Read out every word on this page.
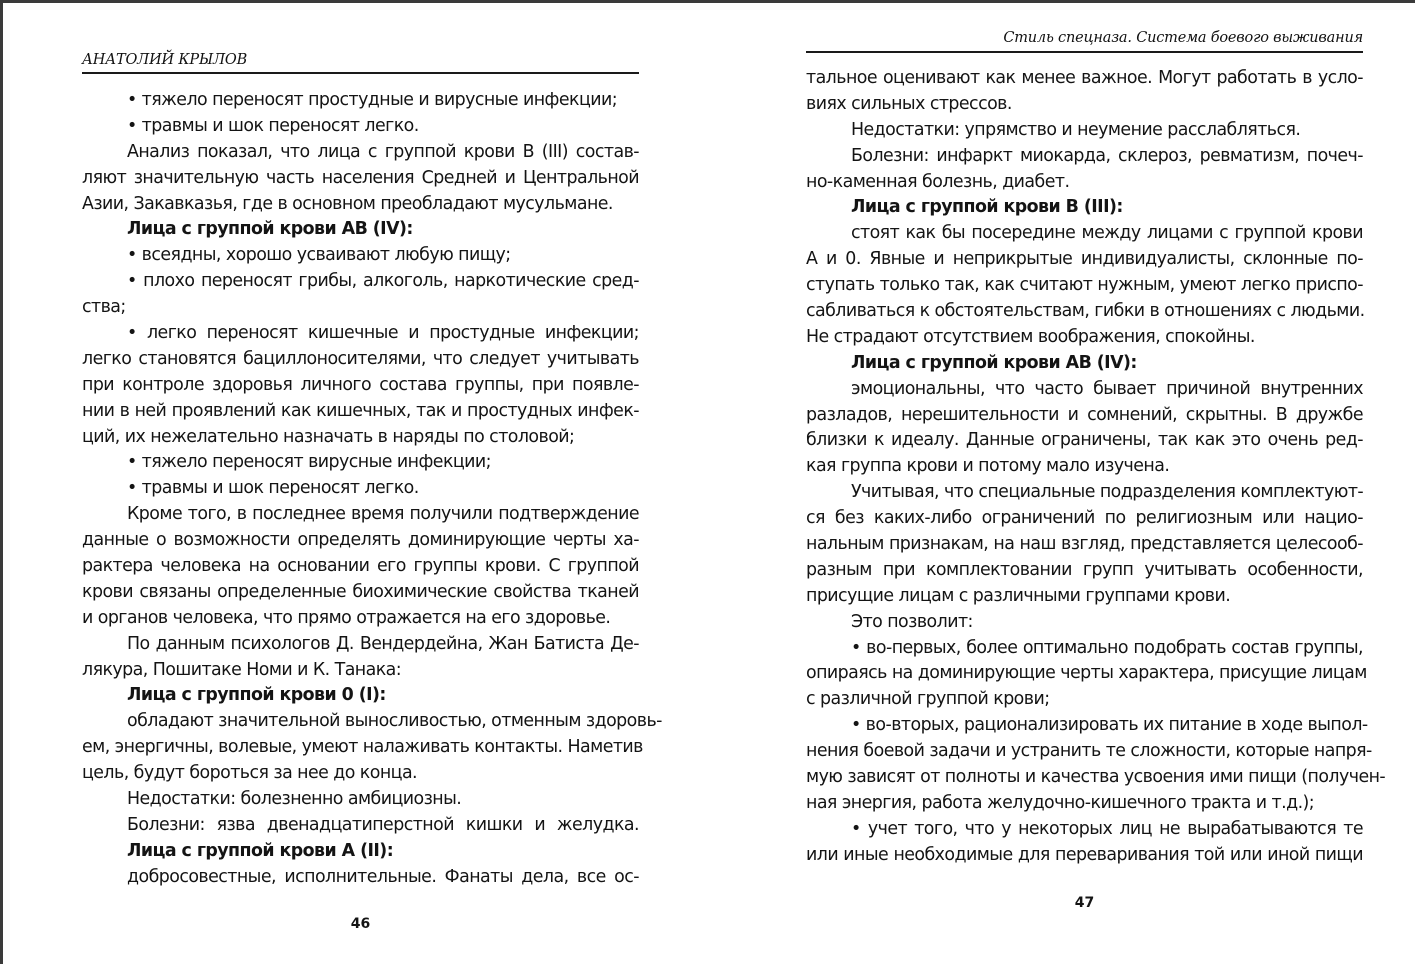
АНАТОЛИЙ КРЫЛОВ
• тяжело переносят простудные и вирусные инфекции;
• травмы и шок переносят легко.
Анализ показал, что лица с группой крови В (III) состав-
ляют значительную часть населения Средней и Центральной
Азии, Закавказья, где в основном преобладают мусульмане.
Лица с группой крови АВ (IV):
• всеядны, хорошо усваивают любую пищу;
• плохо переносят грибы, алкоголь, наркотические сред-
ства;
• легко переносят кишечные и простудные инфекции;
легко становятся бациллоносителями, что следует учитывать
при контроле здоровья личного состава группы, при появле-
нии в ней проявлений как кишечных, так и простудных инфек-
ций, их нежелательно назначать в наряды по столовой;
• тяжело переносят вирусные инфекции;
• травмы и шок переносят легко.
Кроме того, в последнее время получили подтверждение
данные о возможности определять доминирующие черты ха-
рактера человека на основании его группы крови. С группой
крови связаны определенные биохимические свойства тканей
и органов человека, что прямо отражается на его здоровье.
По данным психологов Д. Вендердейна, Жан Батиста Де-
лякура, Пошитаке Номи и К. Танака:
Лица с группой крови 0 (I):
обладают значительной выносливостью, отменным здоровь-
ем, энергичны, волевые, умеют налаживать контакты. Наметив
цель, будут бороться за нее до конца.
Недостатки: болезненно амбициозны.
Болезни: язва двенадцатиперстной кишки и желудка.
Лица с группой крови А (II):
добросовестные, исполнительные. Фанаты дела, все ос-
46
Стиль спецназа. Система боевого выживания
тальное оценивают как менее важное. Могут работать в усло-
виях сильных стрессов.
Недостатки: упрямство и неумение расслабляться.
Болезни: инфаркт миокарда, склероз, ревматизм, почеч-
но-каменная болезнь, диабет.
Лица с группой крови В (III):
стоят как бы посередине между лицами с группой крови
А и 0. Явные и неприкрытые индивидуалисты, склонные по-
ступать только так, как считают нужным, умеют легко приспо-
сабливаться к обстоятельствам, гибки в отношениях с людьми.
Не страдают отсутствием воображения, спокойны.
Лица с группой крови АВ (IV):
эмоциональны, что часто бывает причиной внутренних
разладов, нерешительности и сомнений, скрытны. В дружбе
близки к идеалу. Данные ограничены, так как это очень ред-
кая группа крови и потому мало изучена.
Учитывая, что специальные подразделения комплектуют-
ся без каких-либо ограничений по религиозным или нацио-
нальным признакам, на наш взгляд, представляется целесооб-
разным при комплектовании групп учитывать особенности,
присущие лицам с различными группами крови.
Это позволит:
• во-первых, более оптимально подобрать состав группы,
опираясь на доминирующие черты характера, присущие лицам
с различной группой крови;
• во-вторых, рационализировать их питание в ходе выпол-
нения боевой задачи и устранить те сложности, которые напря-
мую зависят от полноты и качества усвоения ими пищи (получен-
ная энергия, работа желудочно-кишечного тракта и т.д.);
• учет того, что у некоторых лиц не вырабатываются те
или иные необходимые для переваривания той или иной пищи
47
